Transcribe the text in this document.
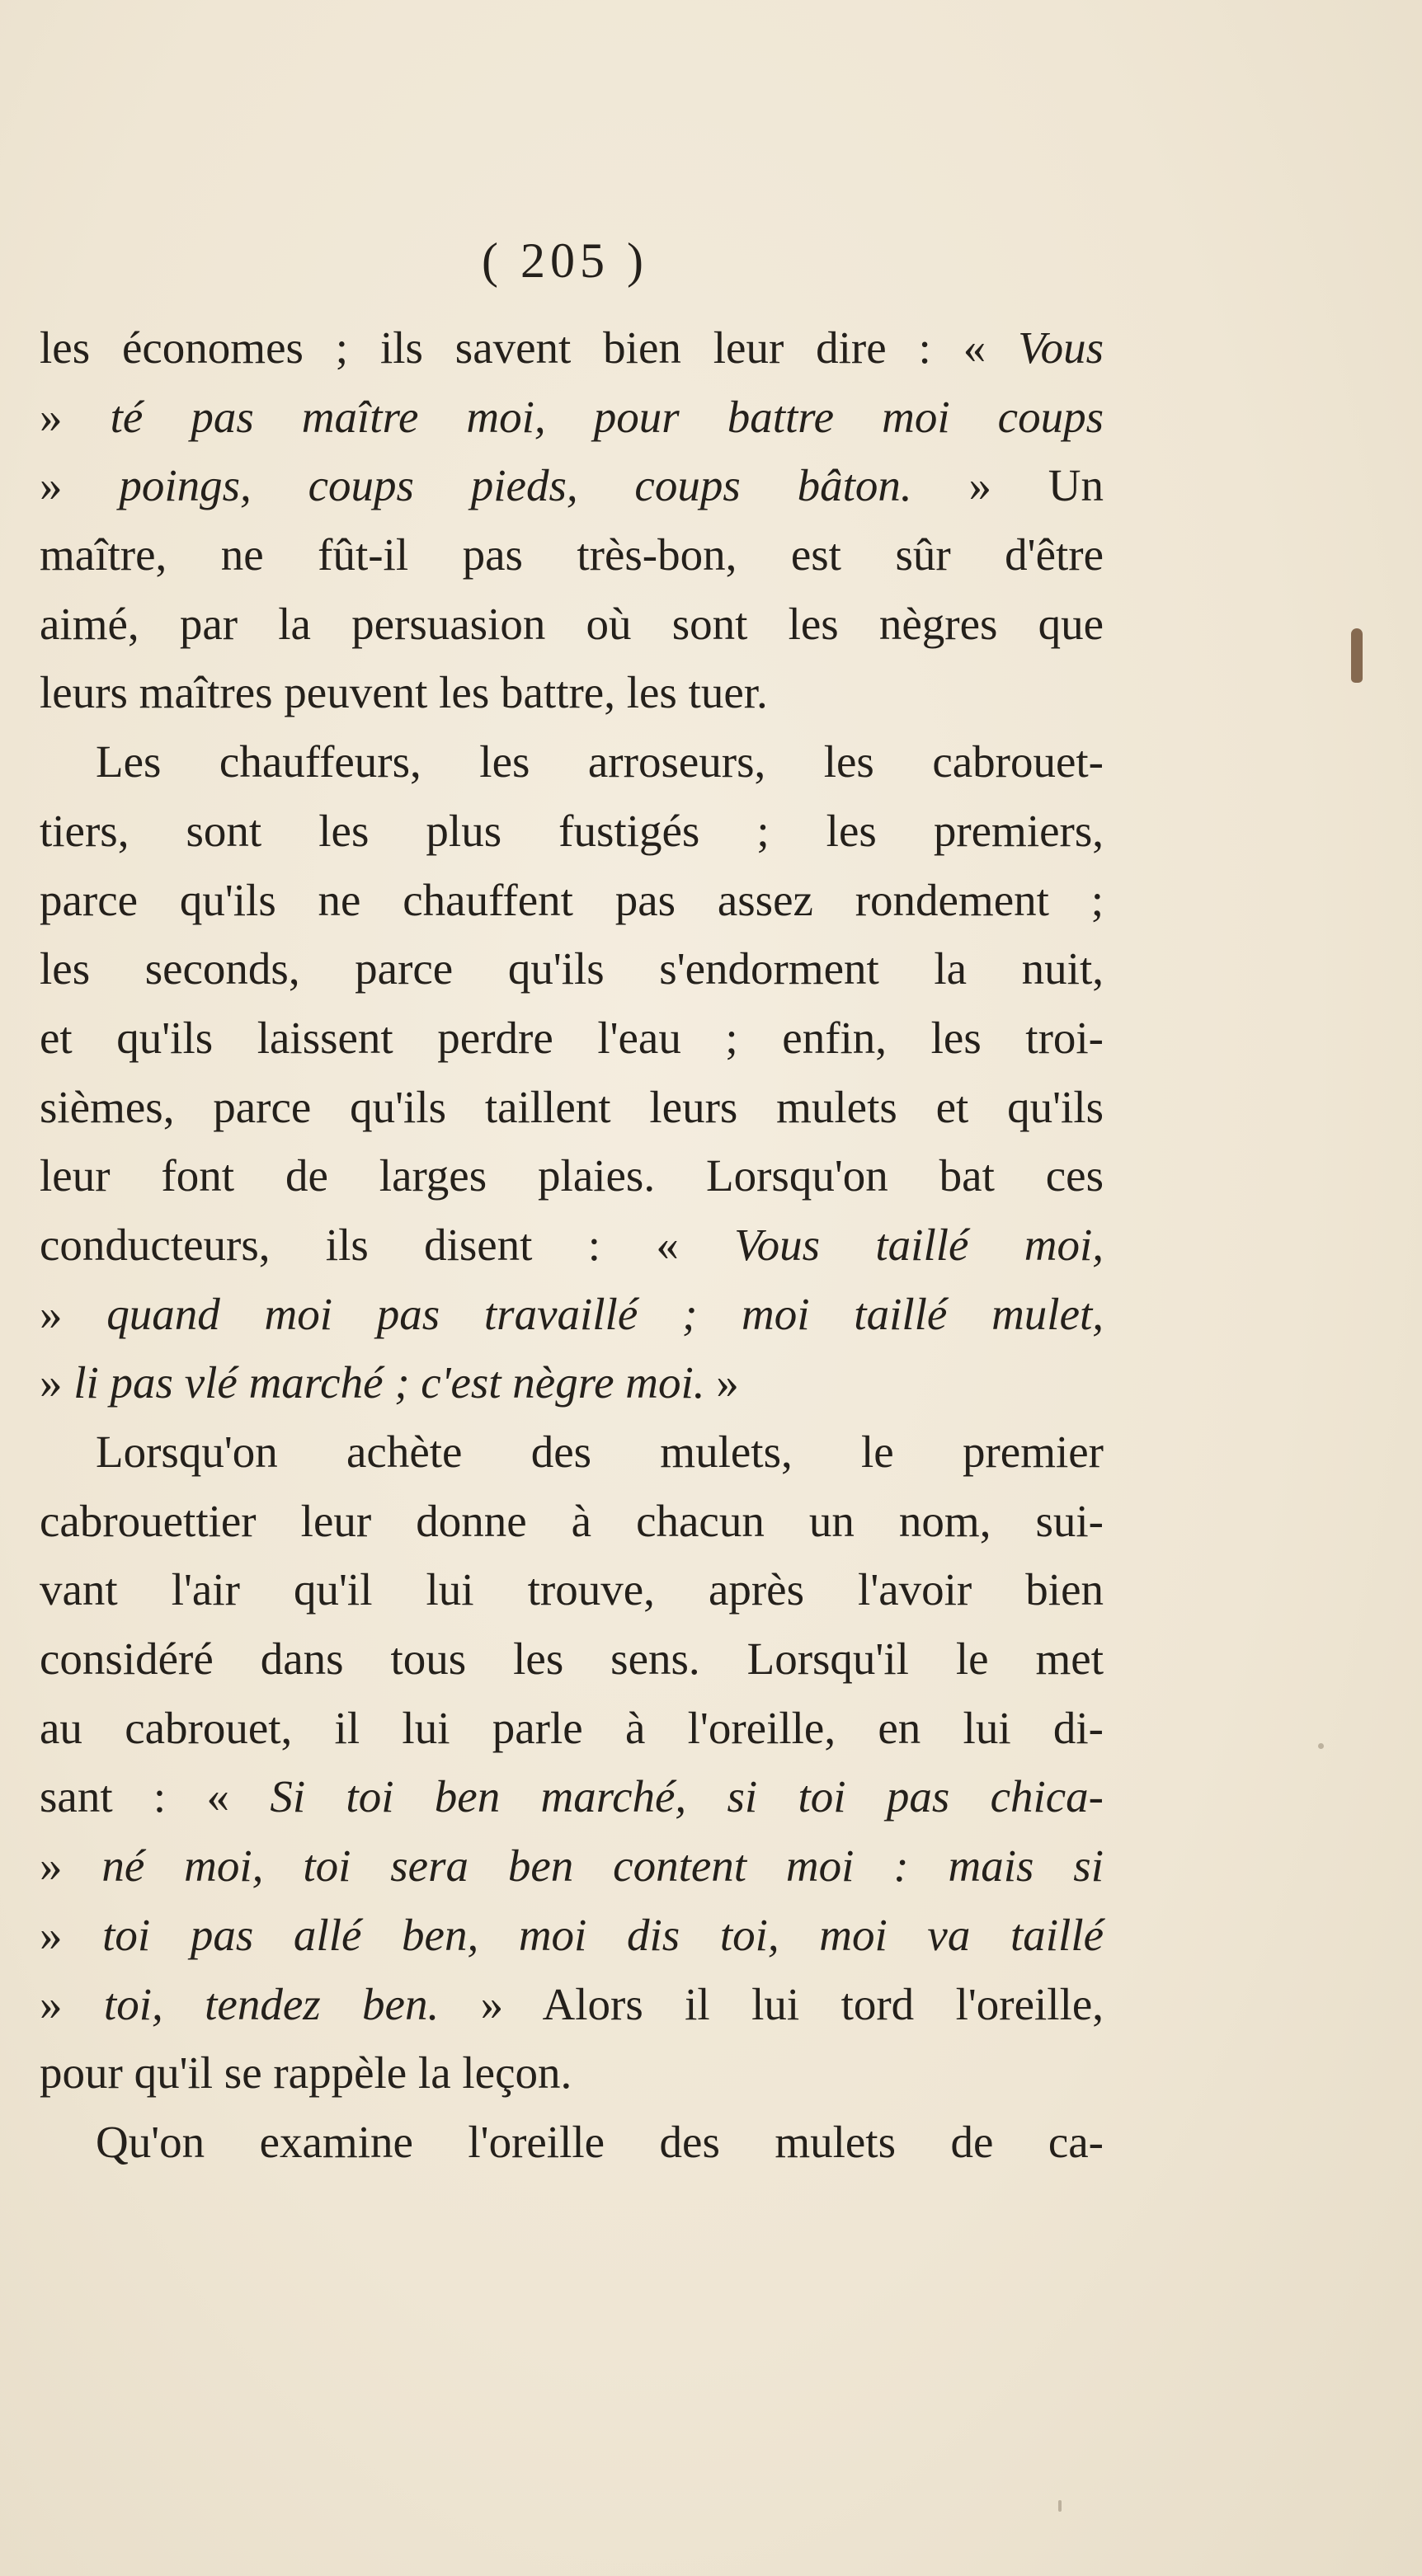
( 205 )
les économes ; ils savent bien leur dire : « Vous
» té pas maître moi, pour battre moi coups
» poings, coups pieds, coups bâton. » Un
maître, ne fût-il pas très-bon, est sûr d'être
aimé, par la persuasion où sont les nègres que
leurs maîtres peuvent les battre, les tuer.
Les chauffeurs, les arroseurs, les cabrouet-
tiers, sont les plus fustigés ; les premiers,
parce qu'ils ne chauffent pas assez rondement ;
les seconds, parce qu'ils s'endorment la nuit,
et qu'ils laissent perdre l'eau ; enfin, les troi-
sièmes, parce qu'ils taillent leurs mulets et qu'ils
leur font de larges plaies. Lorsqu'on bat ces
conducteurs, ils disent : « Vous taillé moi,
» quand moi pas travaillé ; moi taillé mulet,
» li pas vlé marché ; c'est nègre moi. »
Lorsqu'on achète des mulets, le premier
cabrouettier leur donne à chacun un nom, sui-
vant l'air qu'il lui trouve, après l'avoir bien
considéré dans tous les sens. Lorsqu'il le met
au cabrouet, il lui parle à l'oreille, en lui di-
sant : « Si toi ben marché, si toi pas chica-
» né moi, toi sera ben content moi : mais si
» toi pas allé ben, moi dis toi, moi va taillé
» toi, tendez ben. » Alors il lui tord l'oreille,
pour qu'il se rappèle la leçon.
Qu'on examine l'oreille des mulets de ca-
